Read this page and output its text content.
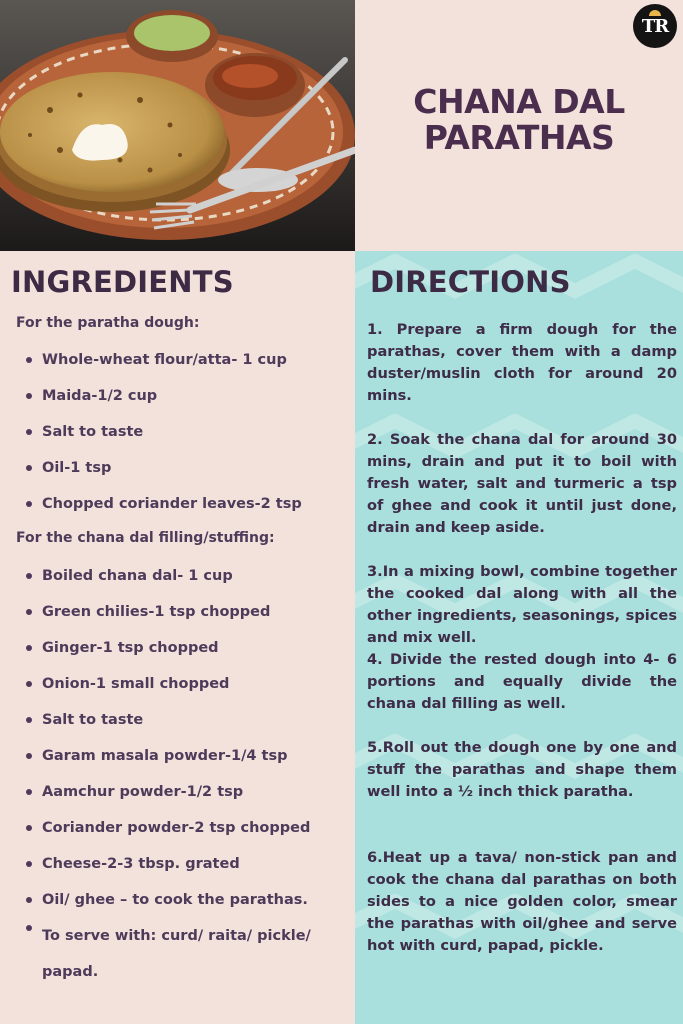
TR
CHANA DAL
PARATHAS
INGREDIENTS
For the paratha dough:
Whole-wheat flour/atta- 1 cup
Maida-1/2 cup
Salt to taste
Oil-1 tsp
Chopped coriander leaves-2 tsp
For the chana dal filling/stuffing:
Boiled chana dal- 1 cup
Green chilies-1 tsp chopped
Ginger-1 tsp chopped
Onion-1 small chopped
Salt to taste
Garam masala powder-1/4 tsp
Aamchur powder-1/2 tsp
Coriander powder-2 tsp chopped
Cheese-2-3 tbsp. grated
Oil/ ghee – to cook the parathas.
To serve with: curd/ raita/ pickle/ papad.
DIRECTIONS

1. Prepare a firm dough for the parathas, cover them with a damp duster/muslin cloth for around 20 mins.

2. Soak the chana dal for around 30 mins, drain and put it to boil with fresh water, salt and turmeric a tsp of ghee and cook it until just done, drain and keep aside.

3.In a mixing bowl, combine together the cooked dal along with all the other ingredients, seasonings, spices and mix well.

4. Divide the rested dough into 4- 6 portions and equally divide the chana dal filling as well.

5.Roll out the dough one by one and stuff the parathas and shape them well into a ½ inch thick paratha.

6.Heat up a tava/ non-stick pan and cook the chana dal parathas on both sides to a nice golden color, smear the parathas with oil/ghee and serve hot with curd, papad, pickle.
